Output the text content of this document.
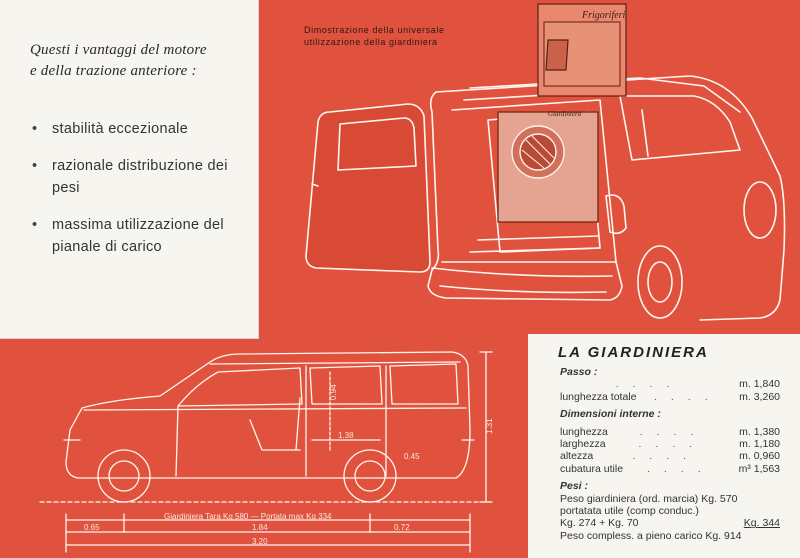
Frigoriferi
Giardiniera
0.65	0.72
1.84
3.20
1.31
0.94
1.38
0.45
Giardiniera Tara Kg 580 — Portata max Kg 334
Questi i vantaggi del motore
e della trazione anteriore :
• stabilità eccezionale
• razionale distribuzione dei pesi
• massima utilizzazione del pianale di carico
Dimostrazione della universale
utilizzazione della giardiniera
LA GIARDINIERA
Passo :
....	m. 1,840
lunghezza totale	....	m. 3,260
Dimensioni interne :
lunghezza	....	m. 1,380
larghezza	....	m. 1,180
altezza	....	m. 0,960
cubatura utile	....	m³ 1,563
Pesi :
Peso giardiniera (ord. marcia) Kg. 570
portatata utile (comp conduc.)
Kg. 274 + Kg. 70	Kg. 344
Peso compless. a pieno carico Kg. 914
